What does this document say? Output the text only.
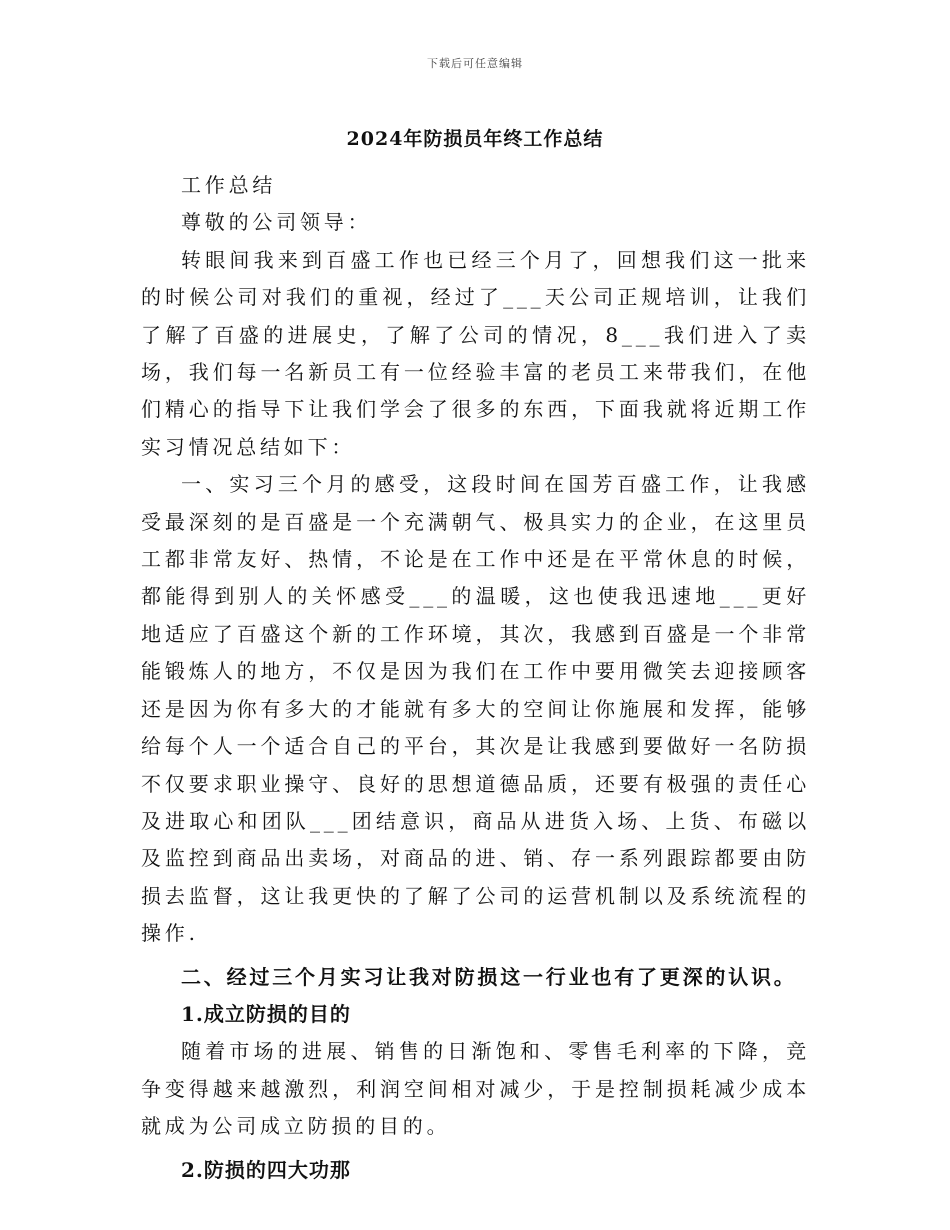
下载后可任意编辑
2024年防损员年终工作总结

工作总结

尊敬的公司领导：

转眼间我来到百盛工作也已经三个月了，回想我们这一批来的时候公司对我们的重视，经过了___天公司正规培训，让我们了解了百盛的进展史，了解了公司的情况，8___我们进入了卖场，我们每一名新员工有一位经验丰富的老员工来带我们，在他们精心的指导下让我们学会了很多的东西，下面我就将近期工作实习情况总结如下：

一、实习三个月的感受，这段时间在国芳百盛工作，让我感受最深刻的是百盛是一个充满朝气、极具实力的企业，在这里员工都非常友好、热情，不论是在工作中还是在平常休息的时候，都能得到别人的关怀感受___的温暖，这也使我迅速地___更好地适应了百盛这个新的工作环境，其次，我感到百盛是一个非常能锻炼人的地方，不仅是因为我们在工作中要用微笑去迎接顾客还是因为你有多大的才能就有多大的空间让你施展和发挥，能够给每个人一个适合自己的平台，其次是让我感到要做好一名防损不仅要求职业操守、良好的思想道德品质，还要有极强的责任心及进取心和团队___团结意识，商品从进货入场、上货、布磁以及监控到商品出卖场，对商品的进、销、存一系列跟踪都要由防损去监督，这让我更快的了解了公司的运营机制以及系统流程的操作.

二、经过三个月实习让我对防损这一行业也有了更深的认识。

1.成立防损的目的

随着市场的进展、销售的日渐饱和、零售毛利率的下降，竞争变得越来越激烈，利润空间相对减少，于是控制损耗减少成本就成为公司成立防损的目的。

2.防损的四大功那
